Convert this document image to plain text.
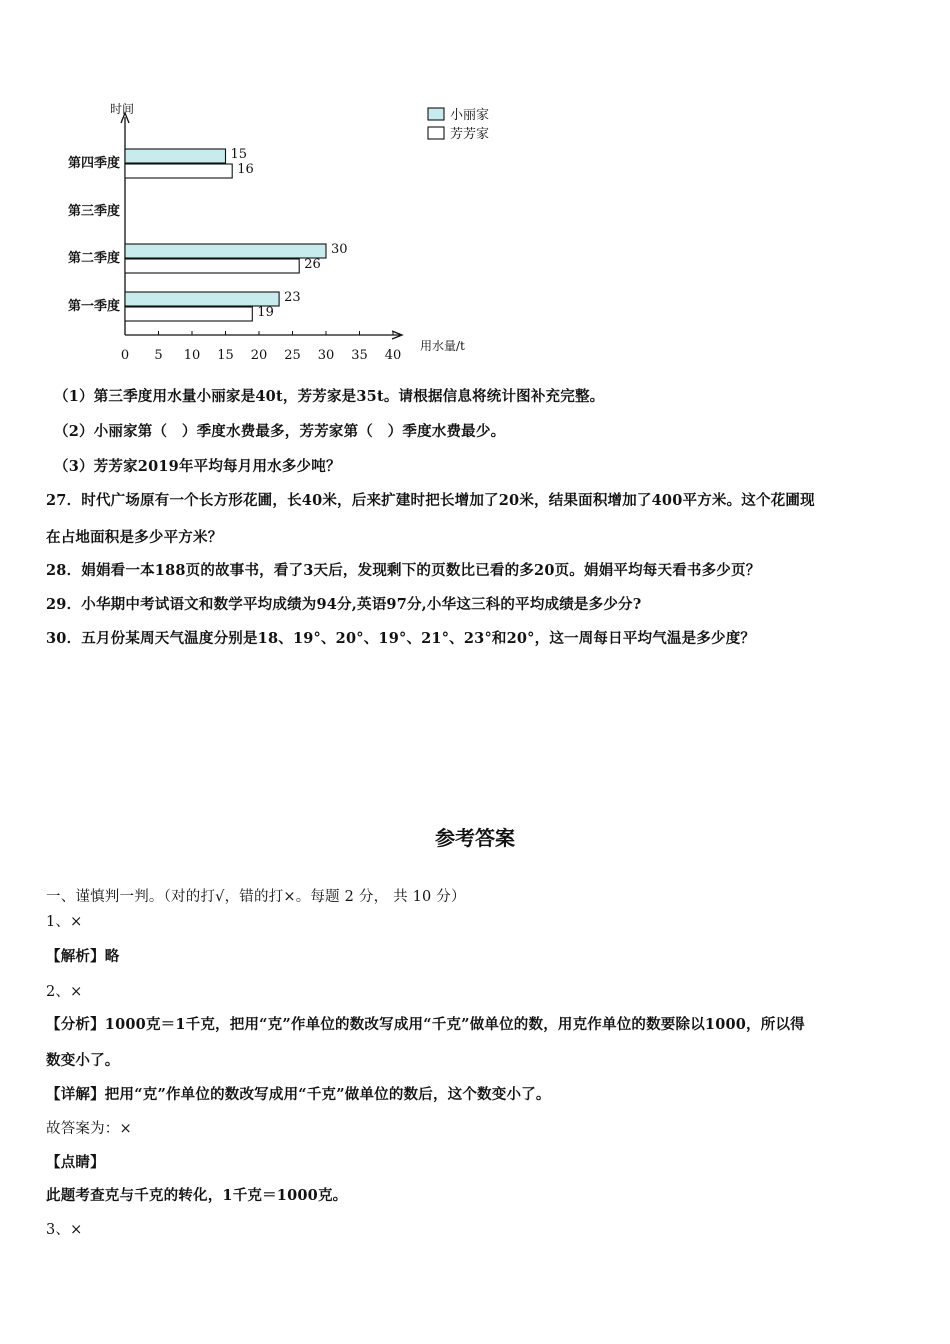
时间
用水量/t
0 5 10 15 20 25 30 35 40
第四季度
15
16
第三季度
第二季度
30
26
第一季度
23
19
小丽家
芳芳家
（1）第三季度用水量小丽家是40t，芳芳家是35t。请根据信息将统计图补充完整。
（2）小丽家第（　）季度水费最多，芳芳家第（　）季度水费最少。
（3）芳芳家2019年平均每月用水多少吨？
27．时代广场原有一个长方形花圃，长40米，后来扩建时把长增加了20米，结果面积增加了400平方米。这个花圃现
在占地面积是多少平方米？
28．娟娟看一本188页的故事书，看了3天后，发现剩下的页数比已看的多20页。娟娟平均每天看书多少页？
29．小华期中考试语文和数学平均成绩为94分,英语97分,小华这三科的平均成绩是多少分?
30．五月份某周天气温度分别是18、19°、20°、19°、21°、23°和20°，这一周每日平均气温是多少度？
参考答案
一、谨慎判一判。（对的打√，错的打×。每题 2 分， 共 10 分）
1、×
【解析】略
2、×
【分析】1000克＝1千克，把用“克”作单位的数改写成用“千克”做单位的数，用克作单位的数要除以1000，所以得
数变小了。
【详解】把用“克”作单位的数改写成用“千克”做单位的数后，这个数变小了。
故答案为：×
【点睛】
此题考查克与千克的转化，1千克＝1000克。
3、×
